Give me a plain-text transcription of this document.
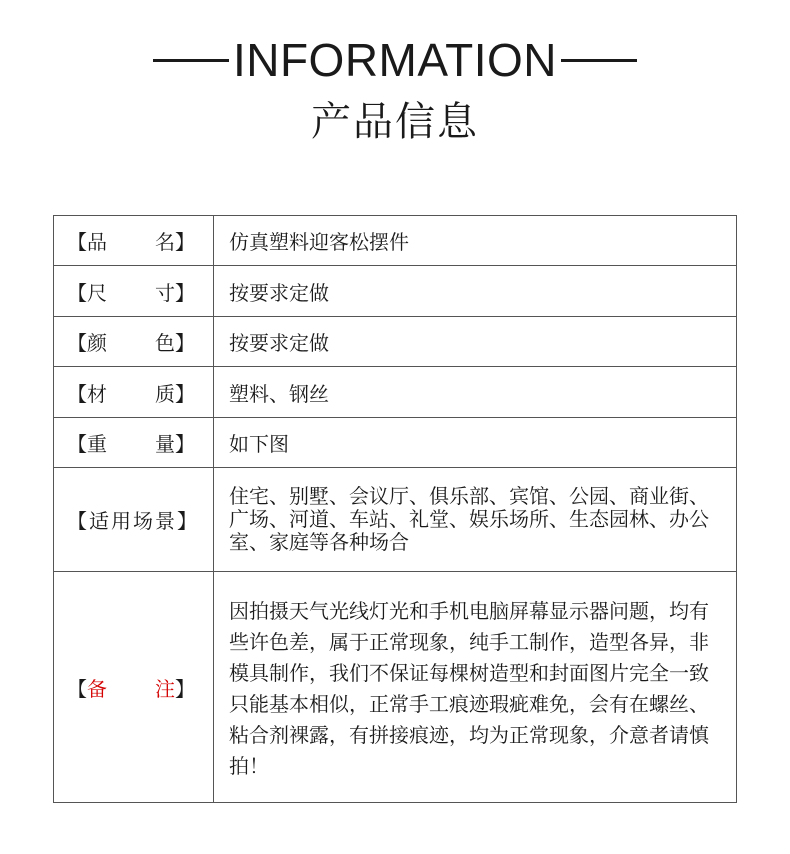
INFORMATION
产品信息
【品 名】	仿真塑料迎客松摆件

【尺 寸】	按要求定做

【颜 色】	按要求定做

【材 质】	塑料、钢丝

【重 量】	如下图

【适用场景】	住宅、别墅、会议厅、俱乐部、宾馆、公园、商业街、广场、河道、车站、礼堂、娱乐场所、生态园林、办公室、家庭等各种场合

【备 注】	因拍摄天气光线灯光和手机电脑屏幕显示器问题，均有些许色差，属于正常现象，纯手工制作，造型各异，非模具制作，我们不保证每棵树造型和封面图片完全一致只能基本相似，正常手工痕迹瑕疵难免，会有在螺丝、粘合剂裸露，有拼接痕迹，均为正常现象，介意者请慎拍！
